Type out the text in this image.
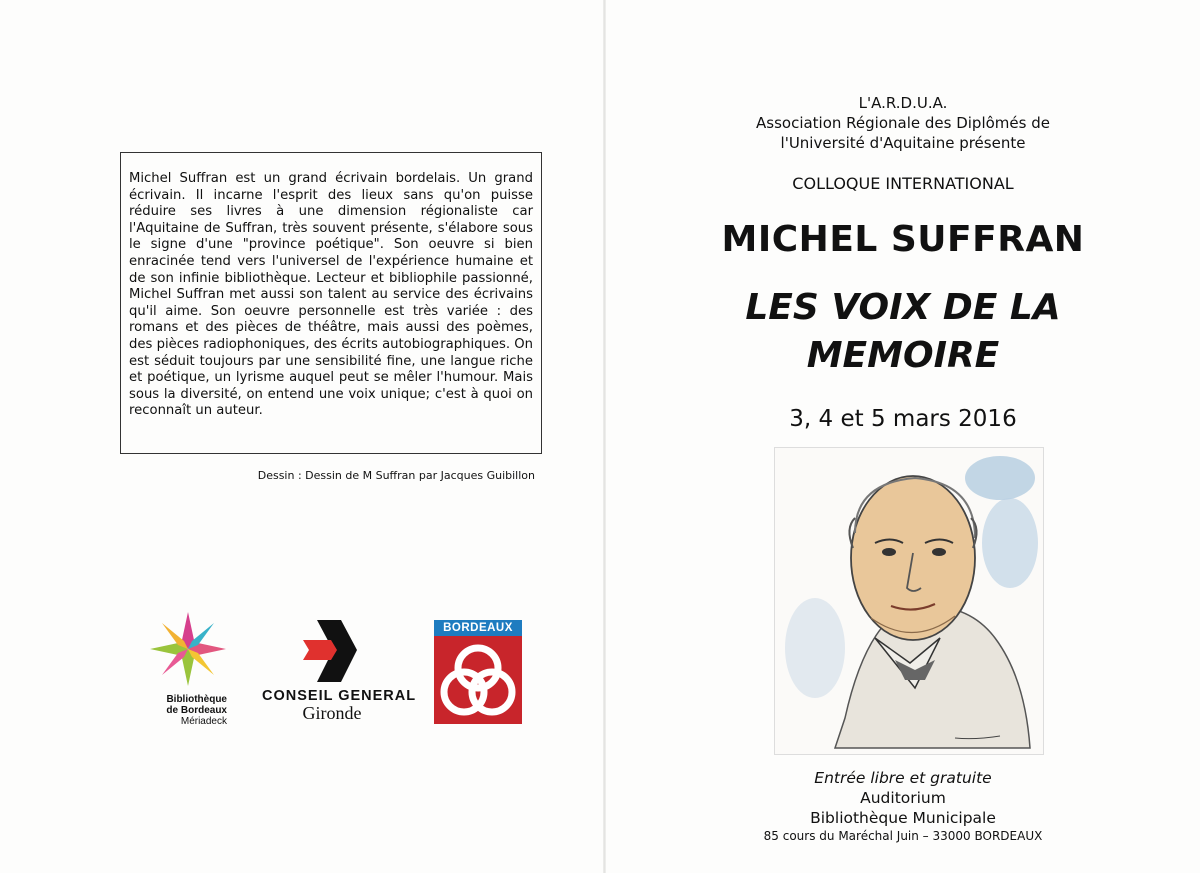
Michel Suffran est un grand écrivain bordelais. Un grand écrivain. Il incarne l'esprit des lieux sans qu'on puisse réduire ses livres à une dimension régionaliste car l'Aquitaine de Suffran, très souvent présente, s'élabore sous le signe d'une "province poétique". Son oeuvre si bien enracinée tend vers l'universel de l'expérience humaine et de son infinie bibliothèque. Lecteur et bibliophile passionné, Michel Suffran met aussi son talent au service des écrivains qu'il aime. Son oeuvre personnelle est très variée : des romans et des pièces de théâtre, mais aussi des poèmes, des pièces radiophoniques, des écrits autobiographiques. On est séduit toujours par une sensibilité fine, une langue riche et poétique, un lyrisme auquel peut se mêler l'humour. Mais sous la diversité, on entend une voix unique; c'est à quoi on reconnaît un auteur.

Dessin : Dessin de M Suffran par Jacques Guibillon
Bibliothèque
de Bordeaux
Mériadeck
CONSEIL GENERAL
Gironde
BORDEAUX
L'A.R.D.U.A.
Association Régionale des Diplômés de
l'Université d'Aquitaine présente
COLLOQUE INTERNATIONAL
MICHEL SUFFRAN
LES VOIX DE LA
MEMOIRE
3, 4 et 5 mars 2016
Entrée libre et gratuite
Auditorium
Bibliothèque Municipale
85 cours du Maréchal Juin – 33000 BORDEAUX
